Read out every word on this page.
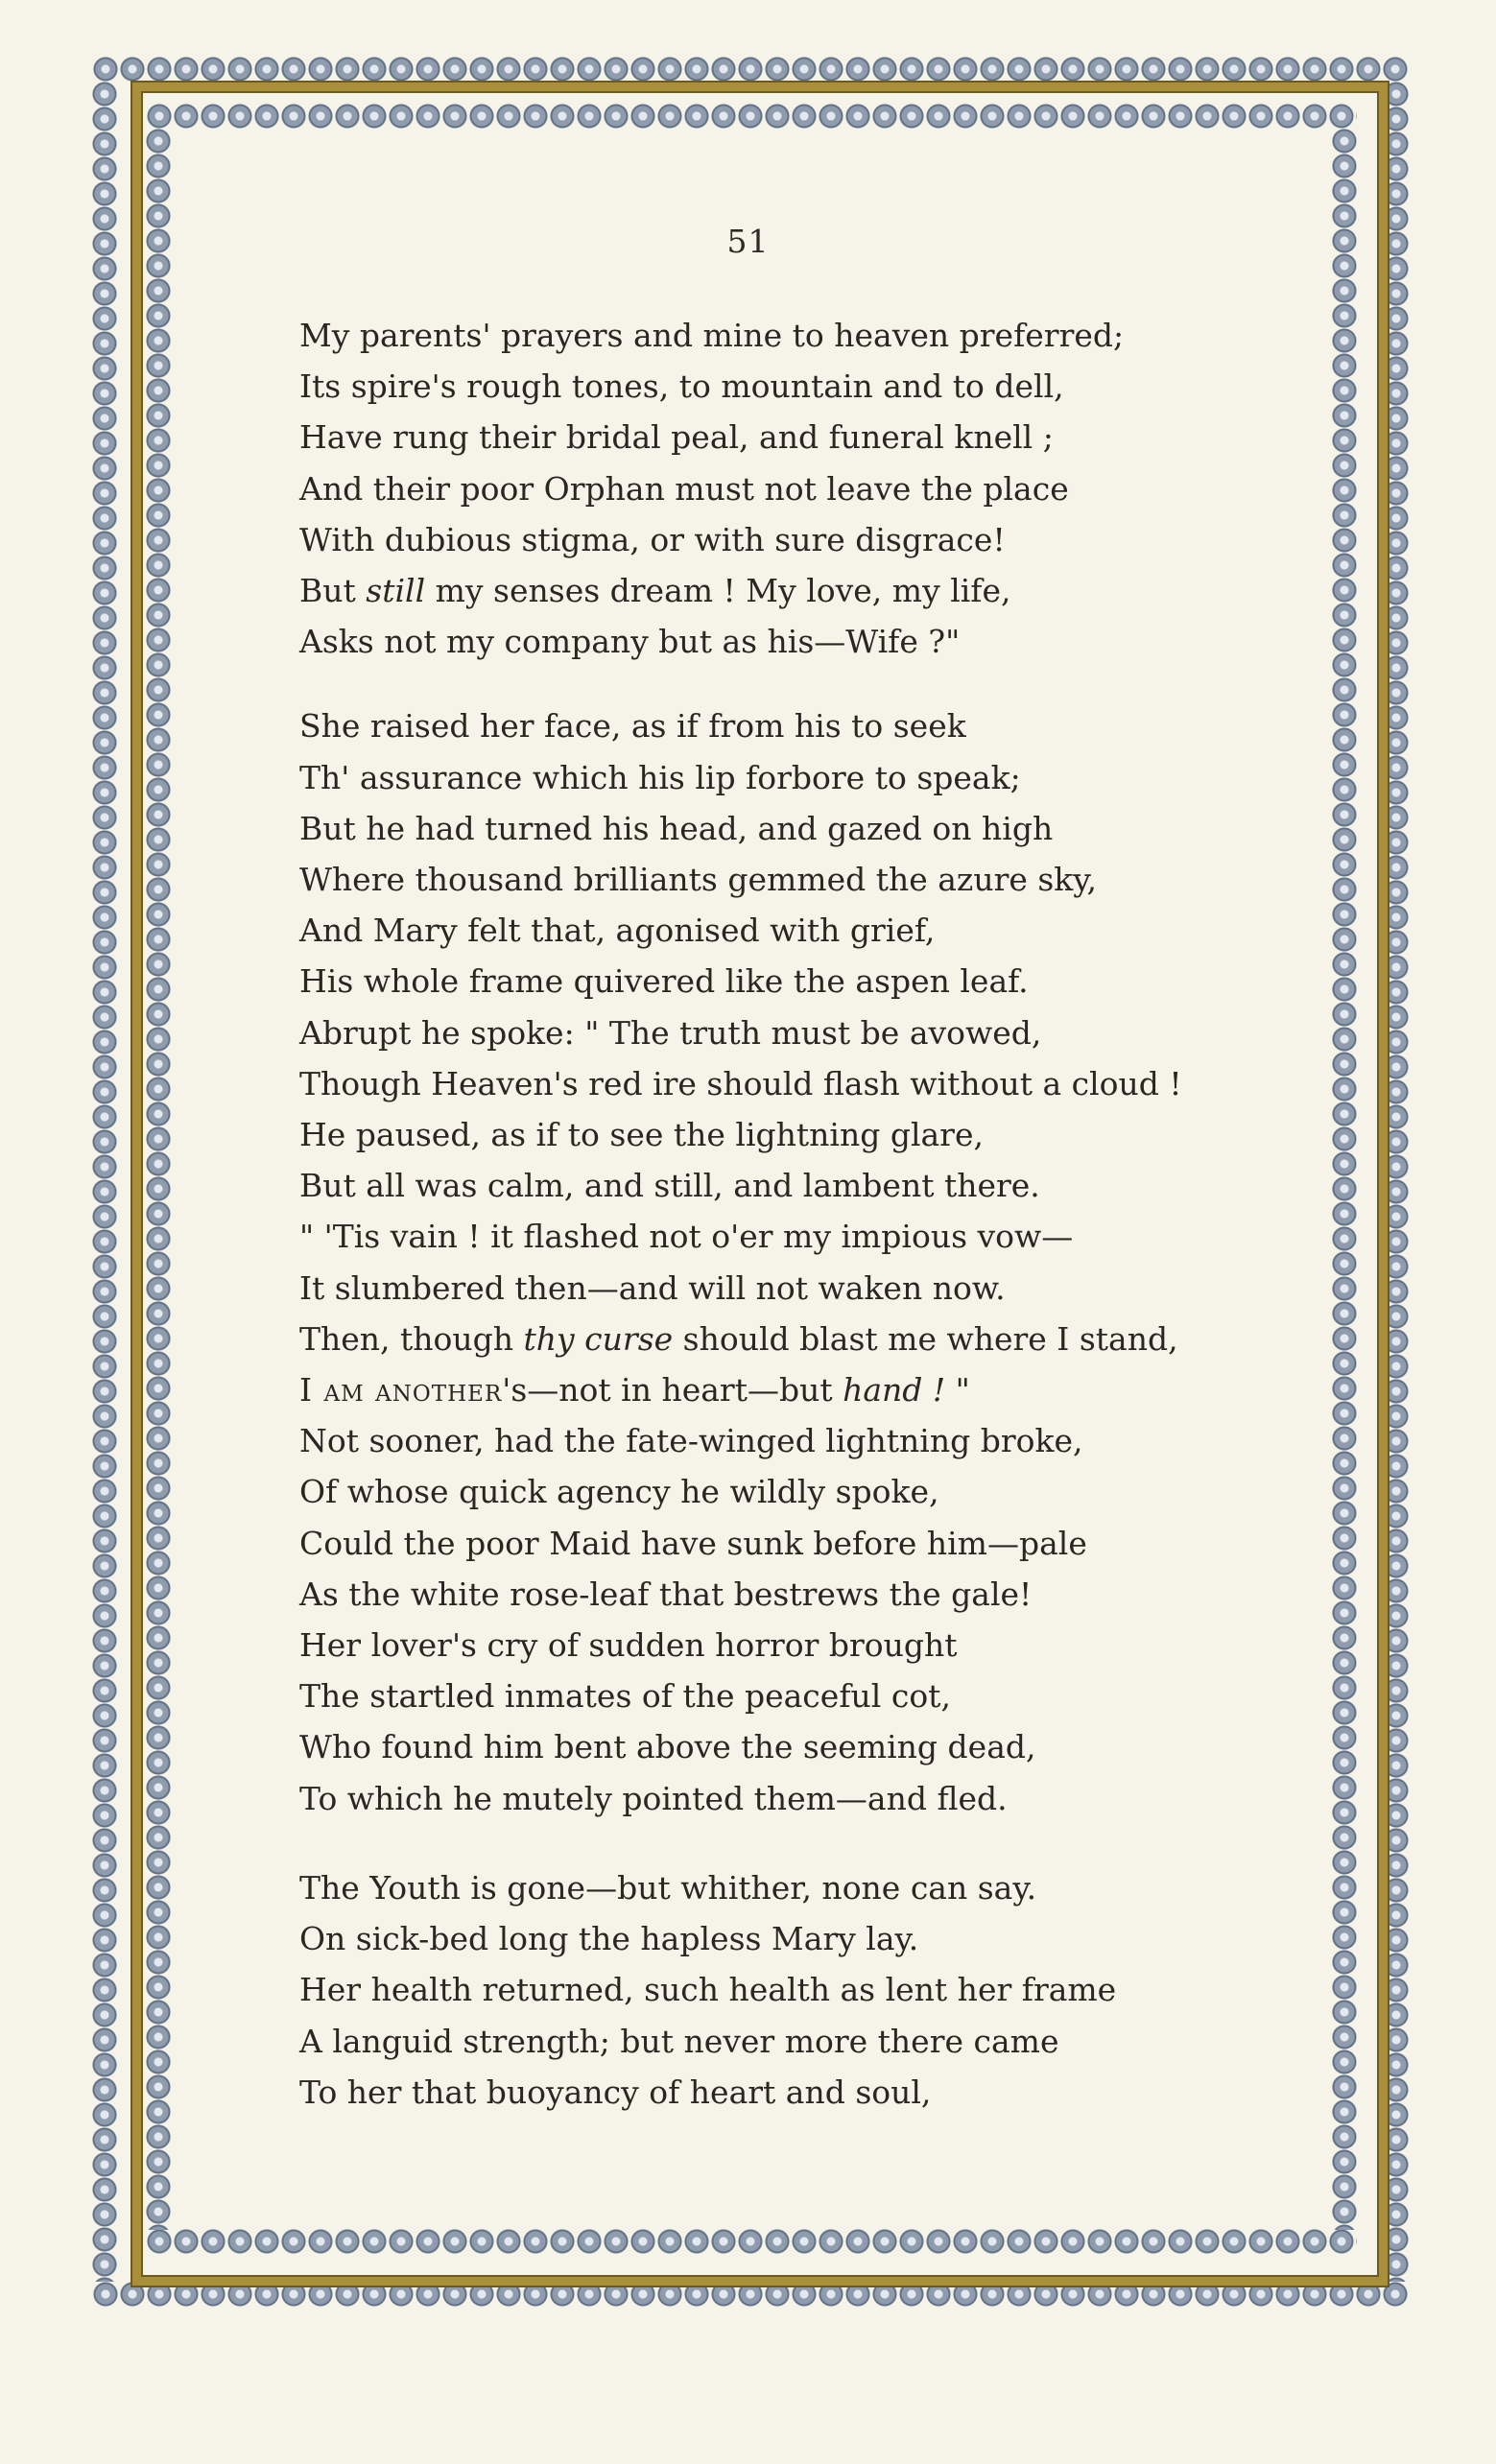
51
My parents' prayers and mine to heaven preferred;
Its spire's rough tones, to mountain and to dell,
Have rung their bridal peal, and funeral knell ;
And their poor Orphan must not leave the place
With dubious stigma, or with sure disgrace!
But still my senses dream ! My love, my life,
Asks not my company but as his—Wife ?"
She raised her face, as if from his to seek
Th' assurance which his lip forbore to speak;
But he had turned his head, and gazed on high
Where thousand brilliants gemmed the azure sky,
And Mary felt that, agonised with grief,
His whole frame quivered like the aspen leaf.
Abrupt he spoke: " The truth must be avowed,
Though Heaven's red ire should flash without a cloud !
He paused, as if to see the lightning glare,
But all was calm, and still, and lambent there.
" 'Tis vain ! it flashed not o'er my impious vow—
It slumbered then—and will not waken now.
Then, though thy curse should blast me where I stand,
I am another's—not in heart—but hand ! "
Not sooner, had the fate-winged lightning broke,
Of whose quick agency he wildly spoke,
Could the poor Maid have sunk before him—pale
As the white rose-leaf that bestrews the gale!
Her lover's cry of sudden horror brought
The startled inmates of the peaceful cot,
Who found him bent above the seeming dead,
To which he mutely pointed them—and fled.
The Youth is gone—but whither, none can say.
On sick-bed long the hapless Mary lay.
Her health returned, such health as lent her frame
A languid strength; but never more there came
To her that buoyancy of heart and soul,
